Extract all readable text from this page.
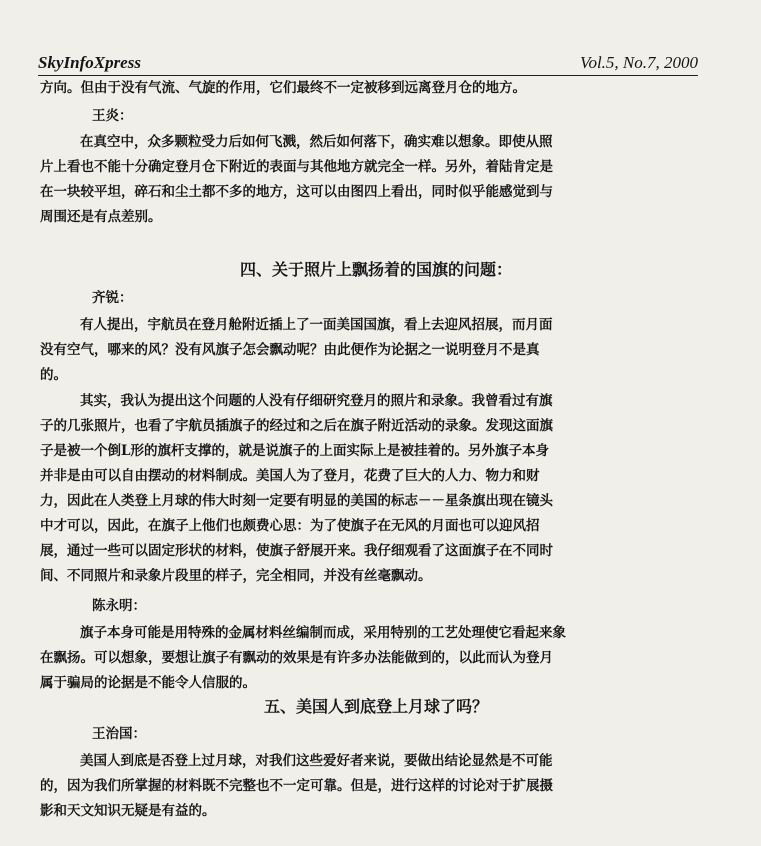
SkyInfoXpress	Vol.5, No.7, 2000
方向。但由于没有气流、气旋的作用，它们最终不一定被移到远离登月仓的地方。
王炎：
在真空中，众多颗粒受力后如何飞溅，然后如何落下，确实难以想象。即使从照
片上看也不能十分确定登月仓下附近的表面与其他地方就完全一样。另外，着陆肯定是
在一块较平坦，碎石和尘土都不多的地方，这可以由图四上看出，同时似乎能感觉到与
周围还是有点差别。
四、关于照片上飘扬着的国旗的问题：
齐锐：
有人提出，宇航员在登月舱附近插上了一面美国国旗，看上去迎风招展，而月面
没有空气，哪来的风？没有风旗子怎会飘动呢？由此便作为论据之一说明登月不是真
的。
其实，我认为提出这个问题的人没有仔细研究登月的照片和录象。我曾看过有旗
子的几张照片，也看了宇航员插旗子的经过和之后在旗子附近活动的录象。发现这面旗
子是被一个倒L形的旗杆支撑的，就是说旗子的上面实际上是被挂着的。另外旗子本身
并非是由可以自由摆动的材料制成。美国人为了登月，花费了巨大的人力、物力和财
力，因此在人类登上月球的伟大时刻一定要有明显的美国的标志－－星条旗出现在镜头
中才可以，因此，在旗子上他们也颇费心思：为了使旗子在无风的月面也可以迎风招
展，通过一些可以固定形状的材料，使旗子舒展开来。我仔细观看了这面旗子在不同时
间、不同照片和录象片段里的样子，完全相同，并没有丝毫飘动。
陈永明：
旗子本身可能是用特殊的金属材料丝编制而成，采用特别的工艺处理使它看起来象
在飘扬。可以想象，要想让旗子有飘动的效果是有许多办法能做到的，以此而认为登月
属于骗局的论据是不能令人信服的。
五、美国人到底登上月球了吗？
王治国：
美国人到底是否登上过月球，对我们这些爱好者来说，要做出结论显然是不可能
的，因为我们所掌握的材料既不完整也不一定可靠。但是，进行这样的讨论对于扩展摄
影和天文知识无疑是有益的。
